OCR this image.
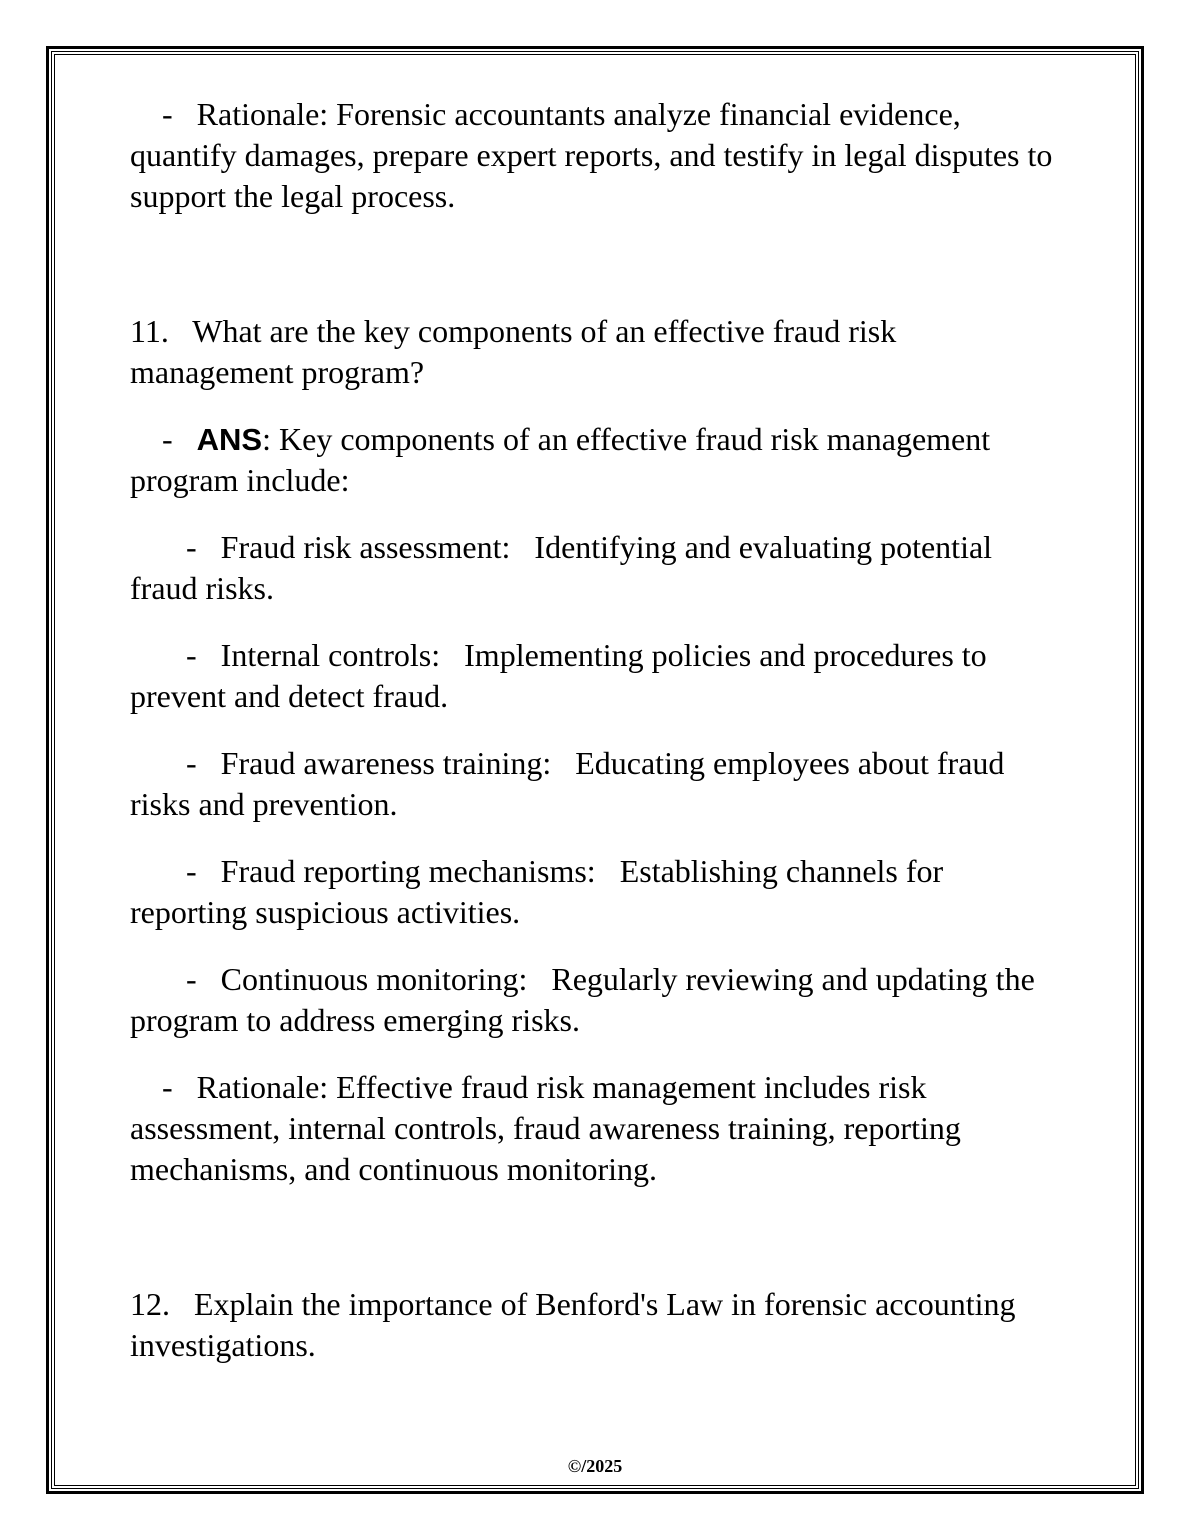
-   Rationale: Forensic accountants analyze financial evidence, quantify damages, prepare expert reports, and testify in legal disputes to support the legal process.

11.   What are the key components of an effective fraud risk management program?

-   ANS: Key components of an effective fraud risk management program include:

-   Fraud risk assessment:   Identifying and evaluating potential fraud risks.

-   Internal controls:   Implementing policies and procedures to prevent and detect fraud.

-   Fraud awareness training:   Educating employees about fraud risks and prevention.

-   Fraud reporting mechanisms:   Establishing channels for reporting suspicious activities.

-   Continuous monitoring:   Regularly reviewing and updating the program to address emerging risks.

-   Rationale: Effective fraud risk management includes risk assessment, internal controls, fraud awareness training, reporting mechanisms, and continuous monitoring.

12.   Explain the importance of Benford's Law in forensic accounting investigations.

©/2025
